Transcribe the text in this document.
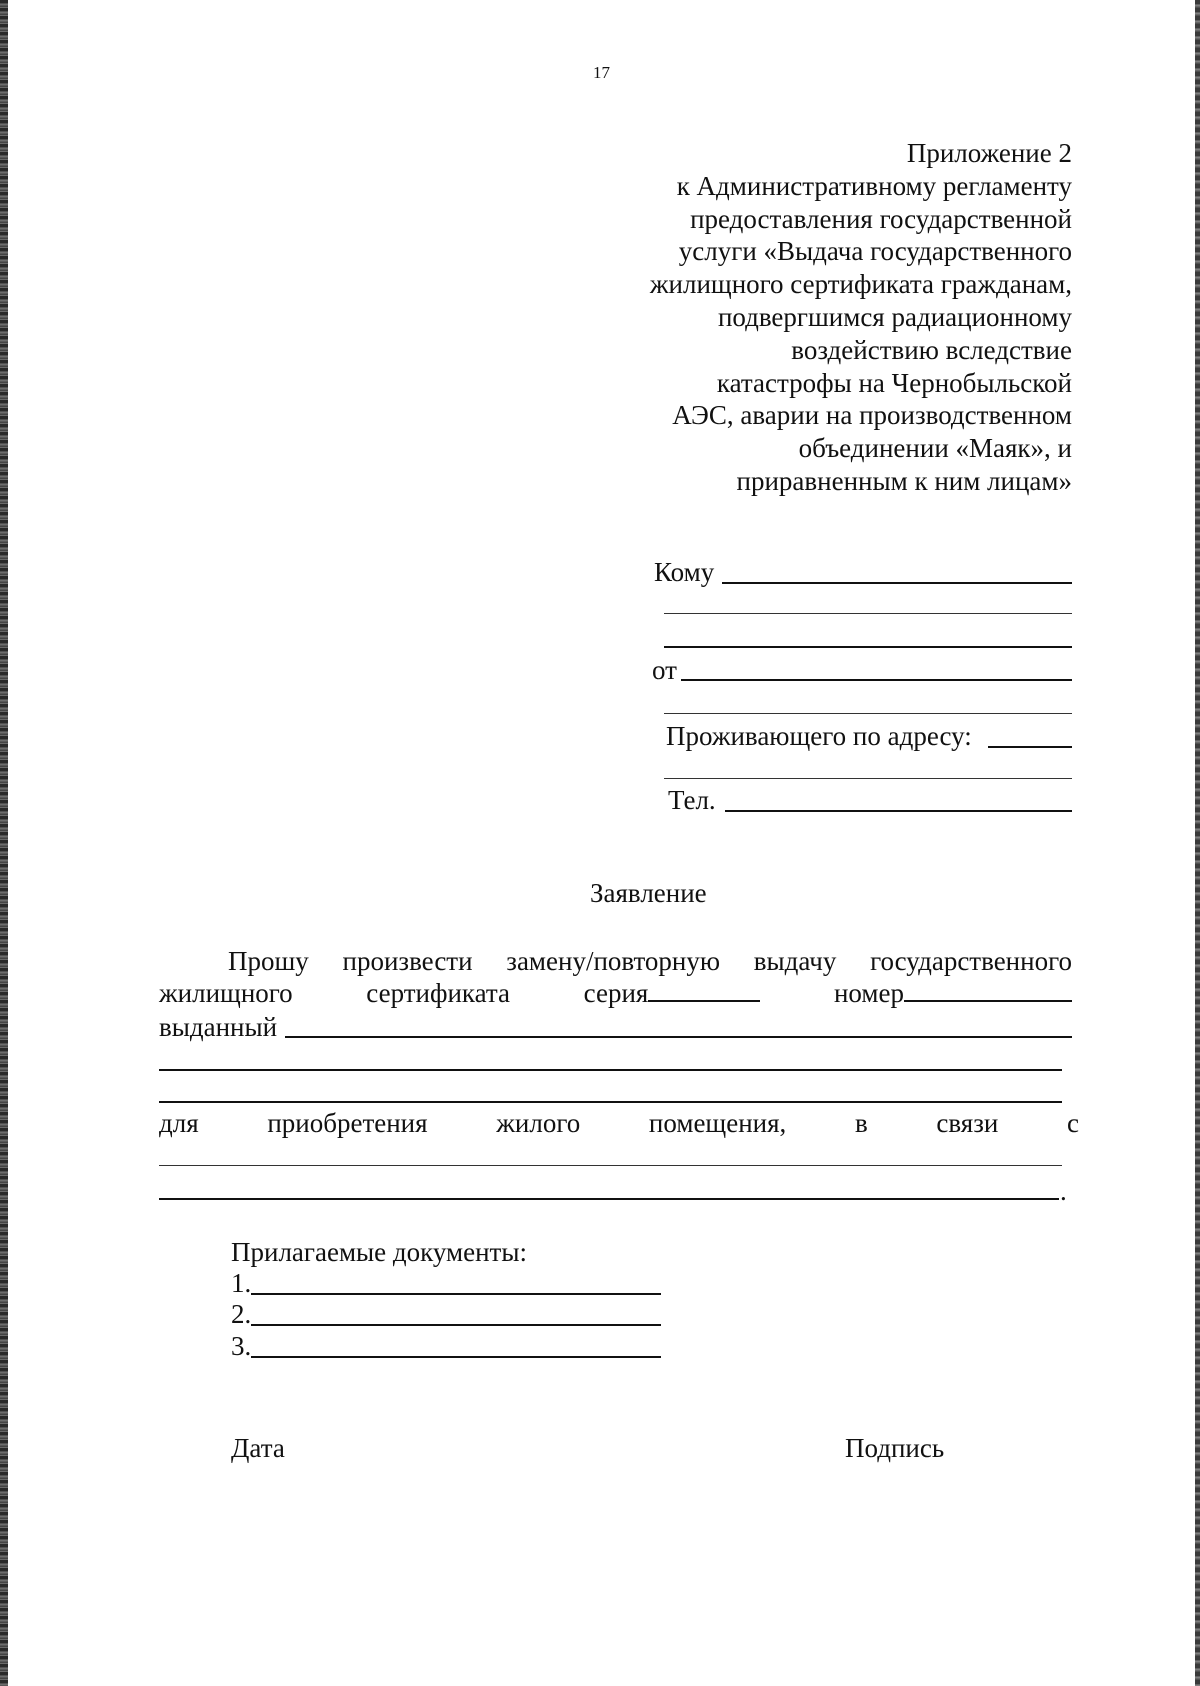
17
Приложение 2
к Административному регламенту
предоставления государственной
услуги «Выдача государственного
жилищного сертификата гражданам,
подвергшимся радиационному
воздействию вследствие
катастрофы на Чернобыльской
АЭС, аварии на производственном
объединении «Маяк», и
приравненным к ним лицам»
Кому
от
Проживающего по адресу:
Тел.
Заявление
Прошу произвести замену/повторную выдачу государственного
жилищного	сертификата	серия	номер
выданный
для	приобретения	жилого	помещения,	в	связи	с
.
Прилагаемые документы:
1.
2.
3.
Дата	Подпись
